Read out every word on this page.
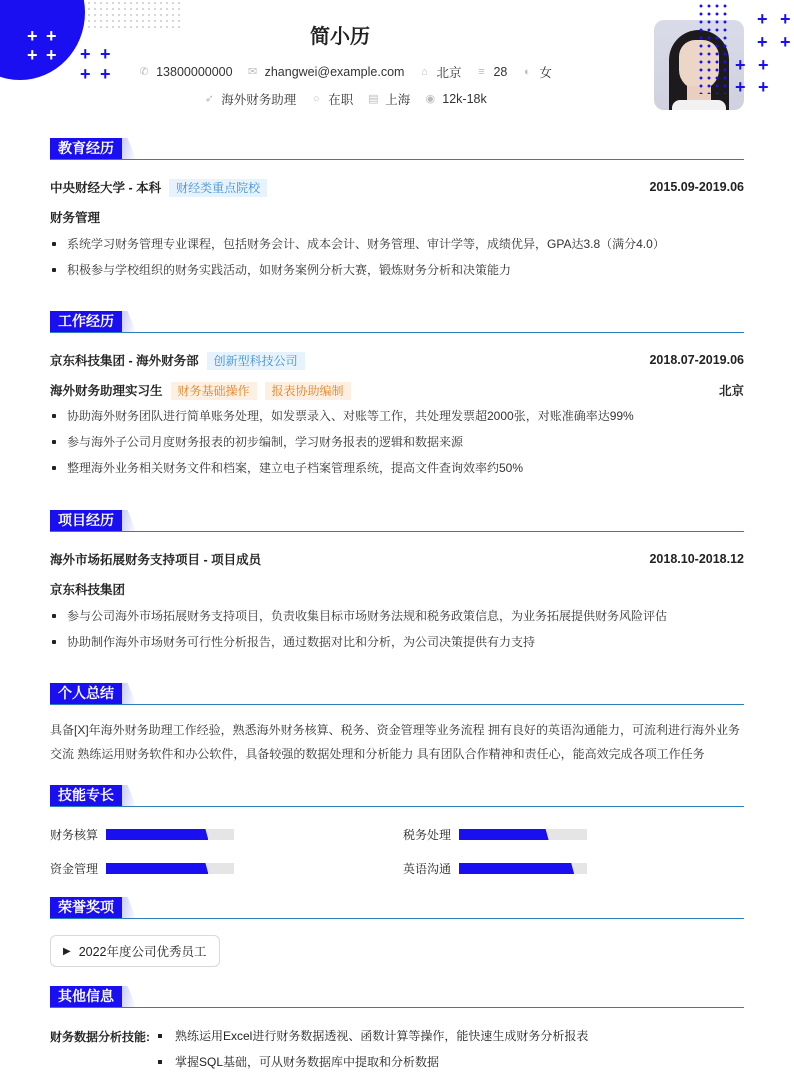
+ +
+ + + +
+ +
简小历
✆ 13800000000 ✉ zhangwei@example.com ⌂ 北京 ≡ 28 ◐ 女
➶ 海外财务助理 ○ 在职 ▤ 上海 ◉ 12k-18k
+ +
+ +
+ +
+ +
教育经历
中央财经大学 - 本科 财经类重点院校	2015.09-2019.06
财务管理
系统学习财务管理专业课程，包括财务会计、成本会计、财务管理、审计学等，成绩优异，GPA达3.8（满分4.0）
积极参与学校组织的财务实践活动，如财务案例分析大赛，锻炼财务分析和决策能力
工作经历
京东科技集团 - 海外财务部 创新型科技公司	2018.07-2019.06
海外财务助理实习生 财务基础操作 报表协助编制	北京
协助海外财务团队进行简单账务处理，如发票录入、对账等工作，共处理发票超2000张，对账准确率达99%
参与海外子公司月度财务报表的初步编制，学习财务报表的逻辑和数据来源
整理海外业务相关财务文件和档案，建立电子档案管理系统，提高文件查询效率约50%
项目经历
海外市场拓展财务支持项目 - 项目成员	2018.10-2018.12
京东科技集团
参与公司海外市场拓展财务支持项目，负责收集目标市场财务法规和税务政策信息，为业务拓展提供财务风险评估
协助制作海外市场财务可行性分析报告，通过数据对比和分析，为公司决策提供有力支持
个人总结
具备[X]年海外财务助理工作经验，熟悉海外财务核算、税务、资金管理等业务流程 拥有良好的英语沟通能力，可流利进行海外业务交流 熟练运用财务软件和办公软件，具备较强的数据处理和分析能力 具有团队合作精神和责任心，能高效完成各项工作任务
技能专长
财务核算	税务处理
资金管理	英语沟通
荣誉奖项
▶ 2022年度公司优秀员工
其他信息
财务数据分析技能:	熟练运用Excel进行财务数据透视、函数计算等操作，能快速生成财务分析报表
掌握SQL基础，可从财务数据库中提取和分析数据
